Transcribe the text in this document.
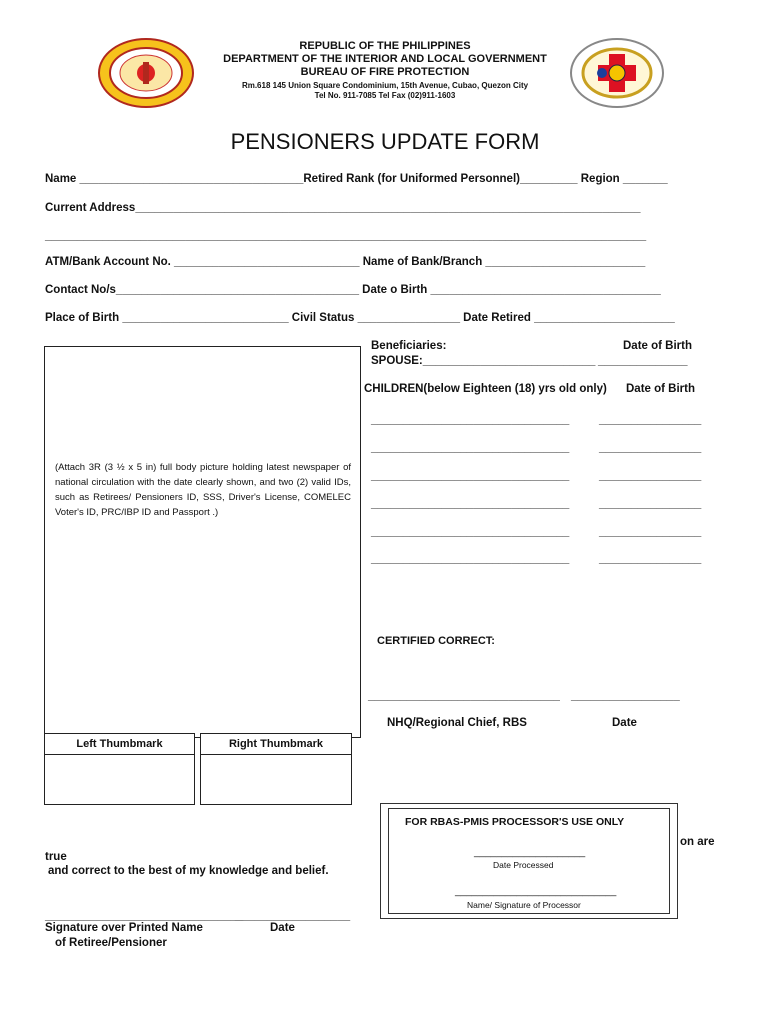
REPUBLIC OF THE PHILIPPINES
DEPARTMENT OF THE INTERIOR AND LOCAL GOVERNMENT
BUREAU OF FIRE PROTECTION
Rm.618 145 Union Square Condominium, 15th Avenue, Cubao, Quezon City
Tel No. 911-7085 Tel Fax (02)911-1603
PENSIONERS UPDATE FORM
Name ___________________________________Retired Rank (for Uniformed Personnel)_________ Region _______
Current Address_______________________________________________________________________________
______________________________________________________________________________________________
ATM/Bank Account No. _____________________________ Name of Bank/Branch _________________________
Contact No/s______________________________________ Date o Birth ____________________________________
Place of Birth __________________________ Civil Status ________________ Date Retired ______________________
(Attach 3R (3 ½ x 5 in) full body picture holding latest newspaper of national circulation with the date clearly shown, and two (2) valid IDs, such as Retirees/ Pensioners ID, SSS, Driver's License, COMELEC Voter's ID, PRC/IBP ID and Passport .)
Left Thumbmark	Right Thumbmark
Beneficiaries:	Date of Birth
SPOUSE:___________________________ ______________
CHILDREN(below Eighteen (18) yrs old only) Date of Birth
_______________________________	________________
_______________________________	________________
_______________________________	________________
_______________________________	________________
_______________________________	________________
_______________________________	________________
CERTIFIED CORRECT:
______________________________ _________________
NHQ/Regional Chief, RBS	Date
on are
true
and correct to the best of my knowledge and belief.
FOR RBAS-PMIS PROCESSOR'S USE ONLY
____________________
Date Processed
_____________________________
Name/ Signature of Processor
_______________________________
__________________
Signature over Printed Name	Date
of Retiree/Pensioner
